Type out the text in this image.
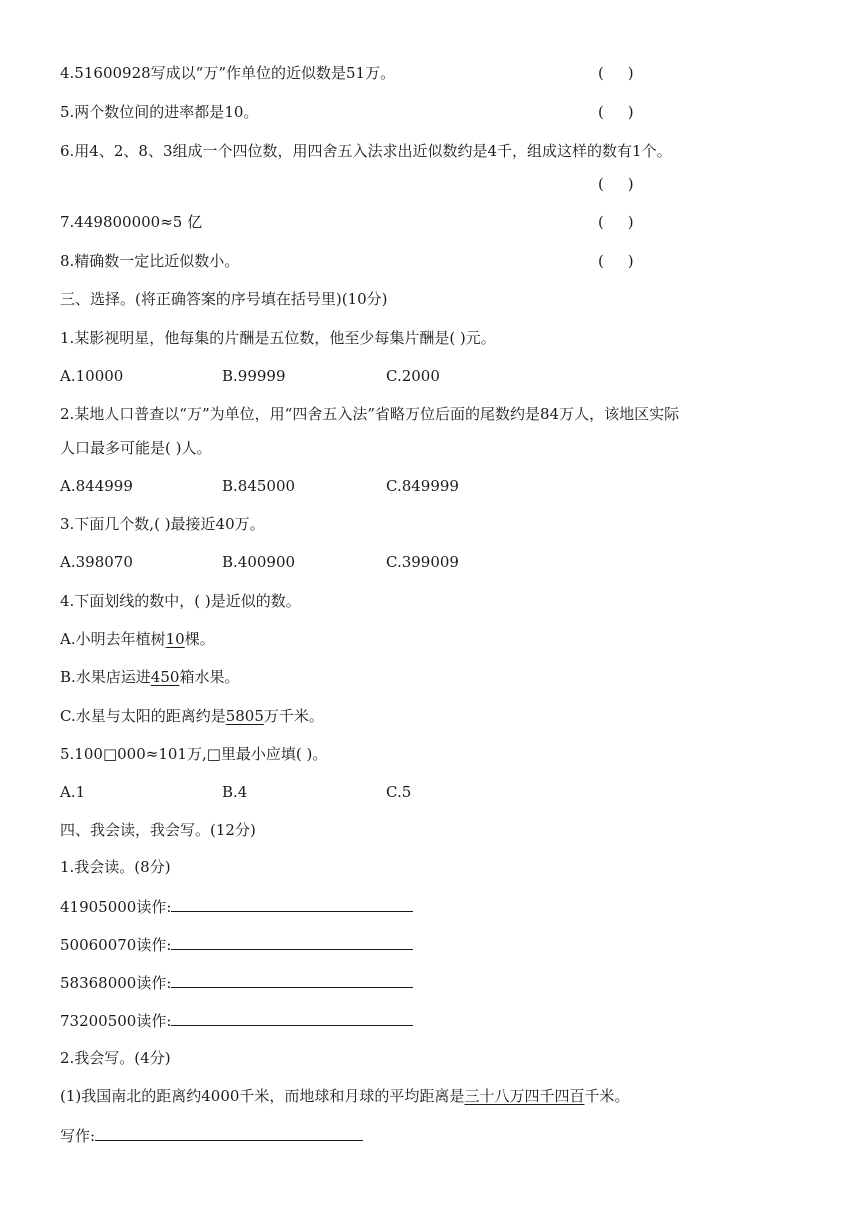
4.51600928写成以“万”作单位的近似数是51万。	(     )
5.两个数位间的进率都是10。	(     )
6.用4、2、8、3组成一个四位数，用四舍五入法求出近似数约是4千，组成这样的数有1个。
(     )
7.449800000≈5 亿	(     )
8.精确数一定比近似数小。	(     )
三、选择。(将正确答案的序号填在括号里)(10分)
1.某影视明星，他每集的片酬是五位数，他至少每集片酬是( )元。
A.10000	B.99999	C.2000
2.某地人口普查以“万”为单位，用“四舍五入法”省略万位后面的尾数约是84万人，该地区实际
人口最多可能是( )人。
A.844999	B.845000	C.849999
3.下面几个数,( )最接近40万。
A.398070	B.400900	C.399009
4.下面划线的数中，( )是近似的数。
A.小明去年植树10棵。
B.水果店运进450箱水果。
C.水星与太阳的距离约是5805万千米。
5.100□000≈101万,□里最小应填( )。
A.1	B.4	C.5
四、我会读，我会写。(12分)
1.我会读。(8分)
41905000读作:
50060070读作:
58368000读作:
73200500读作:
2.我会写。(4分)
(1)我国南北的距离约4000千米，而地球和月球的平均距离是三十八万四千四百千米。
写作:
